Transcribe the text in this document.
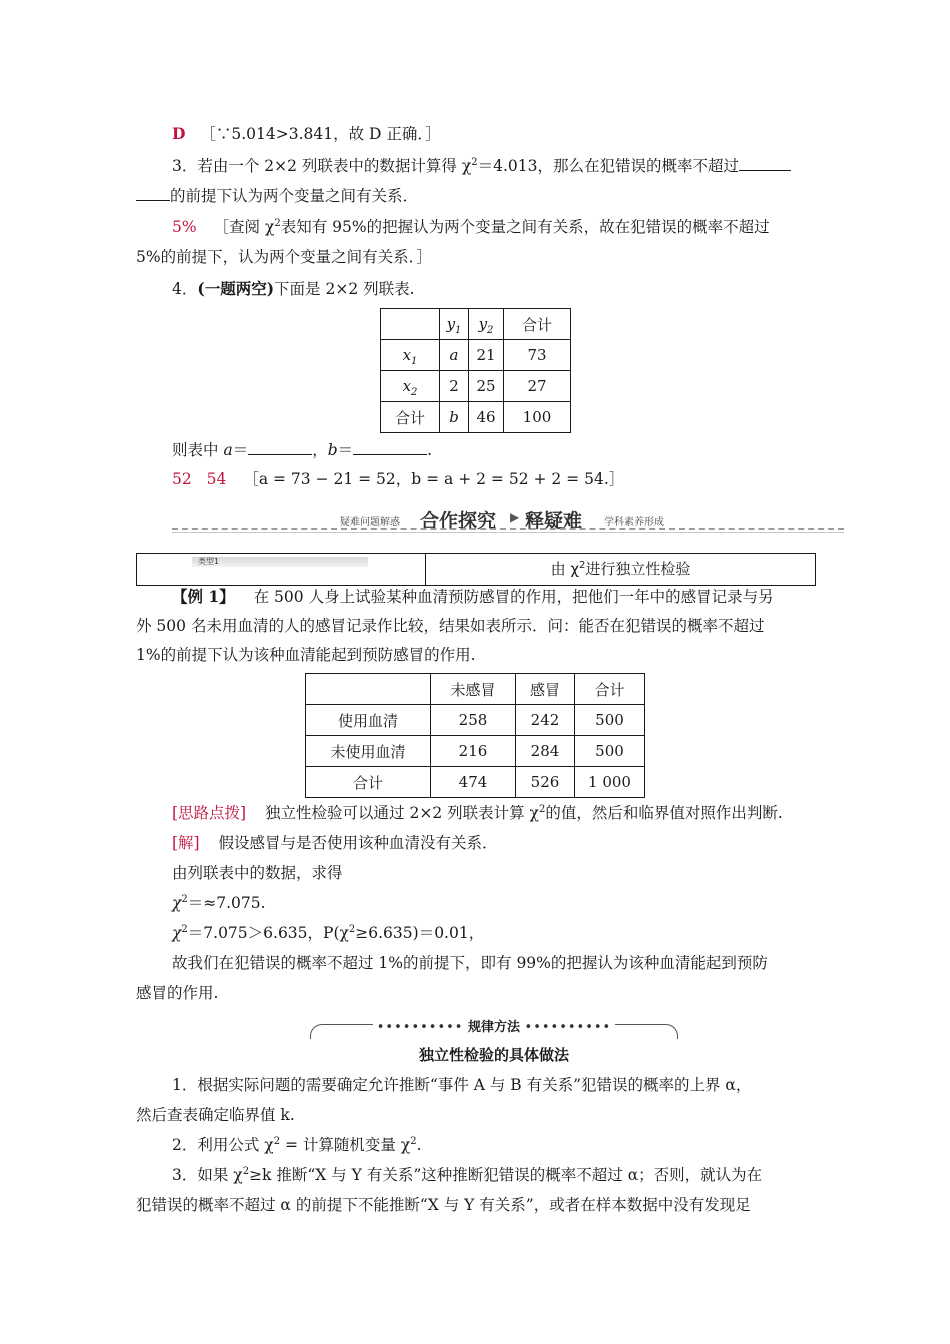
D ［∵5.014>3.841，故 D 正确．］
3．若由一个 2×2 列联表中的数据计算得 $\chi^2=4.013$，那么在犯错误的概率不超过
的前提下认为两个变量之间有关系．
5% ［查阅 $\chi^2$表知有 95%的把握认为两个变量之间有关系，故在犯错误的概率不超过
5%的前提下，认为两个变量之间有关系．］
4．(一题两空)下面是 2×2 列联表.
	$y_1$	$y_2$	合计
$x_1$	a	21	73
$x_2$	2	25	27
合计	b	46	100
则表中 a＝	，b＝	.
52 54 ［a = 73 − 21 = 52，b = a + 2 = 52 + 2 = 54.］
疑难问题解惑 合作探究 ▶ 释疑难 学科素养形成
类型1	由 $\chi^2$进行独立性检验
【例 1】 在 500 人身上试验某种血清预防感冒的作用，把他们一年中的感冒记录与另
外 500 名未用血清的人的感冒记录作比较，结果如表所示．问：能否在犯错误的概率不超过
1%的前提下认为该种血清能起到预防感冒的作用.
	未感冒	感冒	合计
使用血清	258	242	500
未使用血清	216	284	500
合计	474	526	1 000
[思路点拨] 独立性检验可以通过 2×2 列联表计算 $\chi^2$的值，然后和临界值对照作出判断.
[解] 假设感冒与是否使用该种血清没有关系．
由列联表中的数据，求得
$\chi^2=\approx 7.075$.
$\chi^2=7.075>6.635$，$P(\chi^2\ge 6.635)=0.01$，
故我们在犯错误的概率不超过 1%的前提下，即有 99%的把握认为该种血清能起到预防
感冒的作用.
•••••••••• 规律方法 ••••••••••
独立性检验的具体做法
1．根据实际问题的需要确定允许推断“事件 A 与 B 有关系”犯错误的概率的上界 α，
然后查表确定临界值 k.
2．利用公式 $\chi^2$ = 计算随机变量 $\chi^2$.
3．如果 $\chi^2\ge k$ 推断“X 与 Y 有关系”这种推断犯错误的概率不超过 α；否则，就认为在
犯错误的概率不超过 α 的前提下不能推断“X 与 Y 有关系”，或者在样本数据中没有发现足
